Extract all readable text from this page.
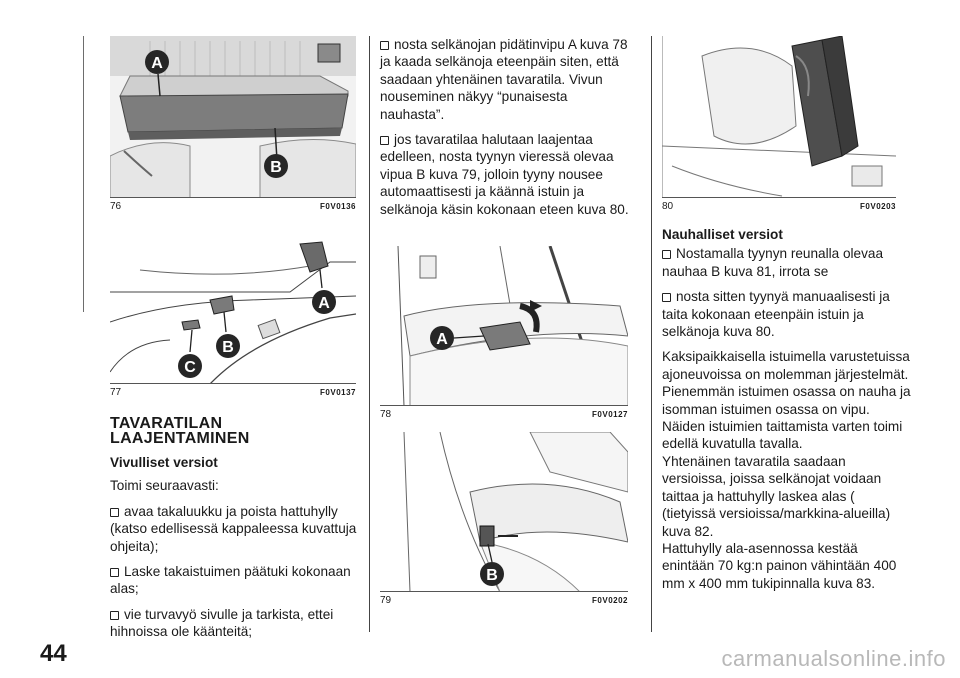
A
B
76	F0V0136
A
B
C
77	F0V0137
A
78	F0V0127
B
79	F0V0202
80	F0V0203
TAVARATILAN LAAJENTAMINEN
Vivulliset versiot

Toimi seuraavasti:

avaa takaluukku ja poista hattuhylly (katso edellisessä kappaleessa kuvattuja ohjeita);

Laske takaistuimen päätuki kokonaan alas;

vie turvavyö sivulle ja tarkista, ettei hihnoissa ole käänteitä;

nosta selkänojan pidätinvipu A kuva 78 ja kaada selkänoja eteenpäin siten, että saadaan yhtenäinen tavaratila. Vivun nouseminen näkyy “punaisesta nauhasta”.

jos tavaratilaa halutaan laajentaa edelleen, nosta tyynyn vieressä olevaa vipua B kuva 79, jolloin tyyny nousee automaattisesti ja käännä istuin ja selkänoja käsin kokonaan eteen kuva 80.

Nauhalliset versiot

Nostamalla tyynyn reunalla olevaa nauhaa B kuva 81, irrota se

nosta sitten tyynyä manuaalisesti ja taita kokonaan eteenpäin istuin ja selkänoja kuva 80.

Kaksipaikkaisella istuimella varustetuissa ajoneuvoissa on molemman järjestelmät. Pienemmän istuimen osassa on nauha ja isomman istuimen osassa on vipu.

Näiden istuimien taittamista varten toimi edellä kuvatulla tavalla.

Yhtenäinen tavaratila saadaan versioissa, joissa selkänojat voidaan taittaa ja hattuhylly laskea alas ( (tietyissä versioissa/markkina-alueilla) kuva 82.

Hattuhylly ala-asennossa kestää enintään 70 kg:n painon vähintään 400 mm x 400 mm tukipinnalla kuva 83.

44	carmanualsonline.info
